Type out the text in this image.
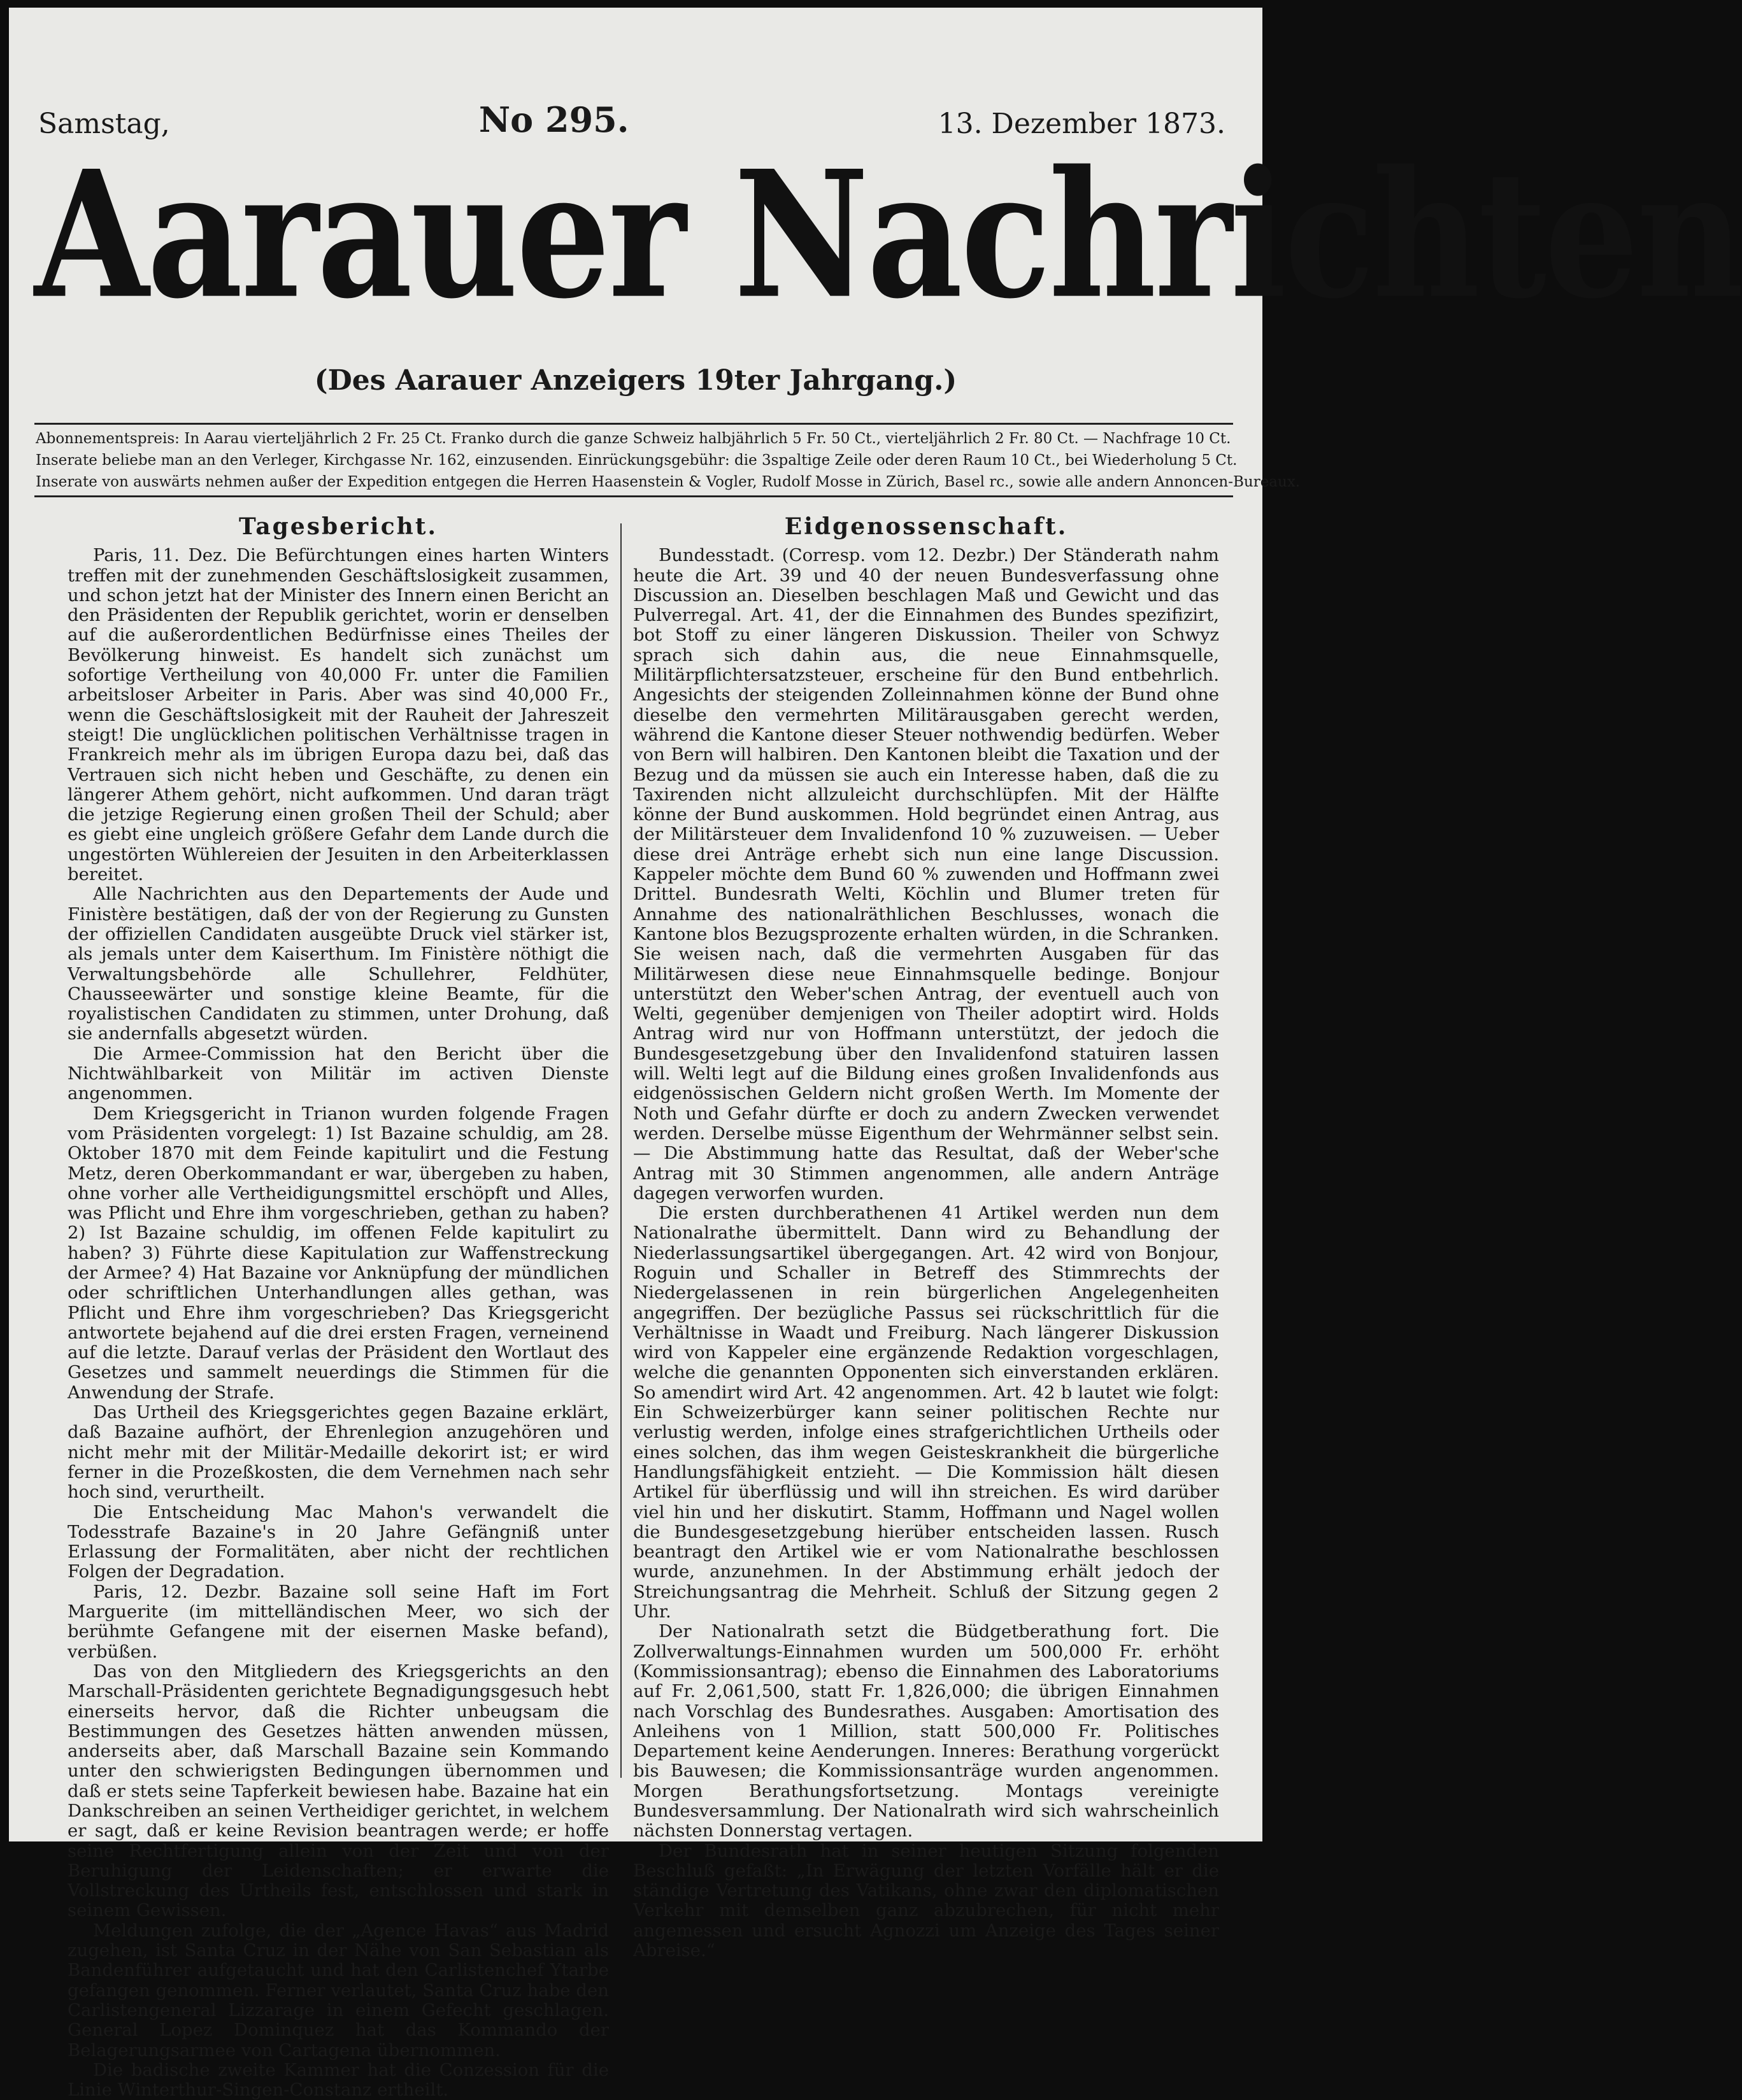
Samstag,	No 295.	13. Dezember 1873.
Aarauer Nachrichten
(Des Aarauer Anzeigers 19ter Jahrgang.)

Abonnementspreis: In Aarau vierteljährlich 2 Fr. 25 Ct. Franko durch die ganze Schweiz halbjährlich 5 Fr. 50 Ct., vierteljährlich 2 Fr. 80 Ct. — Nachfrage 10 Ct.

Inserate beliebe man an den Verleger, Kirchgasse Nr. 162, einzusenden. Einrückungsgebühr: die 3spaltige Zeile oder deren Raum 10 Ct., bei Wiederholung 5 Ct.

Inserate von auswärts nehmen außer der Expedition entgegen die Herren Haasenstein & Vogler, Rudolf Mosse in Zürich, Basel rc., sowie alle andern Annoncen-Bureaux.

Tagesbericht.

Paris, 11. Dez. Die Befürchtungen eines harten Winters treffen mit der zunehmenden Geschäftslosigkeit zusammen, und schon jetzt hat der Minister des Innern einen Bericht an den Präsidenten der Republik gerichtet, worin er denselben auf die außerordentlichen Bedürfnisse eines Theiles der Bevölkerung hinweist. Es handelt sich zunächst um sofortige Vertheilung von 40,000 Fr. unter die Familien arbeitsloser Arbeiter in Paris. Aber was sind 40,000 Fr., wenn die Geschäftslosigkeit mit der Rauheit der Jahreszeit steigt! Die unglücklichen politischen Verhältnisse tragen in Frankreich mehr als im übrigen Europa dazu bei, daß das Vertrauen sich nicht heben und Geschäfte, zu denen ein längerer Athem gehört, nicht aufkommen. Und daran trägt die jetzige Regierung einen großen Theil der Schuld; aber es giebt eine ungleich größere Gefahr dem Lande durch die ungestörten Wühlereien der Jesuiten in den Arbeiterklassen bereitet.

Alle Nachrichten aus den Departements der Aude und Finistère bestätigen, daß der von der Regierung zu Gunsten der offiziellen Candidaten ausgeübte Druck viel stärker ist, als jemals unter dem Kaiserthum. Im Finistère nöthigt die Verwaltungsbehörde alle Schullehrer, Feldhüter, Chausseewärter und sonstige kleine Beamte, für die royalistischen Candidaten zu stimmen, unter Drohung, daß sie andernfalls abgesetzt würden.

Die Armee-Commission hat den Bericht über die Nichtwählbarkeit von Militär im activen Dienste angenommen.

Dem Kriegsgericht in Trianon wurden folgende Fragen vom Präsidenten vorgelegt: 1) Ist Bazaine schuldig, am 28. Oktober 1870 mit dem Feinde kapitulirt und die Festung Metz, deren Oberkommandant er war, übergeben zu haben, ohne vorher alle Vertheidigungsmittel erschöpft und Alles, was Pflicht und Ehre ihm vorgeschrieben, gethan zu haben? 2) Ist Bazaine schuldig, im offenen Felde kapitulirt zu haben? 3) Führte diese Kapitulation zur Waffenstreckung der Armee? 4) Hat Bazaine vor Anknüpfung der mündlichen oder schriftlichen Unterhandlungen alles gethan, was Pflicht und Ehre ihm vorgeschrieben? Das Kriegsgericht antwortete bejahend auf die drei ersten Fragen, verneinend auf die letzte. Darauf verlas der Präsident den Wortlaut des Gesetzes und sammelt neuerdings die Stimmen für die Anwendung der Strafe.

Das Urtheil des Kriegsgerichtes gegen Bazaine erklärt, daß Bazaine aufhört, der Ehrenlegion anzugehören und nicht mehr mit der Militär-Medaille dekorirt ist; er wird ferner in die Prozeßkosten, die dem Vernehmen nach sehr hoch sind, verurtheilt.

Die Entscheidung Mac Mahon's verwandelt die Todesstrafe Bazaine's in 20 Jahre Gefängniß unter Erlassung der Formalitäten, aber nicht der rechtlichen Folgen der Degradation.

Paris, 12. Dezbr. Bazaine soll seine Haft im Fort Marguerite (im mittelländischen Meer, wo sich der berühmte Gefangene mit der eisernen Maske befand), verbüßen.

Das von den Mitgliedern des Kriegsgerichts an den Marschall-Präsidenten gerichtete Begnadigungsgesuch hebt einerseits hervor, daß die Richter unbeugsam die Bestimmungen des Gesetzes hätten anwenden müssen, anderseits aber, daß Marschall Bazaine sein Kommando unter den schwierigsten Bedingungen übernommen und daß er stets seine Tapferkeit bewiesen habe. Bazaine hat ein Dankschreiben an seinen Vertheidiger gerichtet, in welchem er sagt, daß er keine Revision beantragen werde; er hoffe seine Rechtfertigung allein von der Zeit und von der Beruhigung der Leidenschaften; er erwarte die Vollstreckung des Urtheils fest, entschlossen und stark in seinem Gewissen.

Meldungen zufolge, die der „Agence Havas“ aus Madrid zugehen, ist Santa Cruz in der Nähe von San Sebastian als Bandenführer aufgetaucht und hat den Carlistenchef Ytarbe gefangen genommen. Ferner verlautet, Santa Cruz habe den Carlistengeneral Lizzarage in einem Gefecht geschlagen. General Lopez Dominquez hat das Kommando der Belagerungsarmee von Cartagena übernommen.

Die badische zweite Kammer hat die Conzession für die Linie Winterthur-Singen-Constanz ertheilt.

Eidgenossenschaft.

Bundesstadt. (Corresp. vom 12. Dezbr.) Der Ständerath nahm heute die Art. 39 und 40 der neuen Bundesverfassung ohne Discussion an. Dieselben beschlagen Maß und Gewicht und das Pulverregal. Art. 41, der die Einnahmen des Bundes spezifizirt, bot Stoff zu einer längeren Diskussion. Theiler von Schwyz sprach sich dahin aus, die neue Einnahmsquelle, Militärpflichtersatzsteuer, erscheine für den Bund entbehrlich. Angesichts der steigenden Zolleinnahmen könne der Bund ohne dieselbe den vermehrten Militärausgaben gerecht werden, während die Kantone dieser Steuer nothwendig bedürfen. Weber von Bern will halbiren. Den Kantonen bleibt die Taxation und der Bezug und da müssen sie auch ein Interesse haben, daß die zu Taxirenden nicht allzuleicht durchschlüpfen. Mit der Hälfte könne der Bund auskommen. Hold begründet einen Antrag, aus der Militärsteuer dem Invalidenfond 10 % zuzuweisen. — Ueber diese drei Anträge erhebt sich nun eine lange Discussion. Kappeler möchte dem Bund 60 % zuwenden und Hoffmann zwei Drittel. Bundesrath Welti, Köchlin und Blumer treten für Annahme des nationalräthlichen Beschlusses, wonach die Kantone blos Bezugsprozente erhalten würden, in die Schranken. Sie weisen nach, daß die vermehrten Ausgaben für das Militärwesen diese neue Einnahmsquelle bedinge. Bonjour unterstützt den Weber'schen Antrag, der eventuell auch von Welti, gegenüber demjenigen von Theiler adoptirt wird. Holds Antrag wird nur von Hoffmann unterstützt, der jedoch die Bundesgesetzgebung über den Invalidenfond statuiren lassen will. Welti legt auf die Bildung eines großen Invalidenfonds aus eidgenössischen Geldern nicht großen Werth. Im Momente der Noth und Gefahr dürfte er doch zu andern Zwecken verwendet werden. Derselbe müsse Eigenthum der Wehrmänner selbst sein. — Die Abstimmung hatte das Resultat, daß der Weber'sche Antrag mit 30 Stimmen angenommen, alle andern Anträge dagegen verworfen wurden.

Die ersten durchberathenen 41 Artikel werden nun dem Nationalrathe übermittelt. Dann wird zu Behandlung der Niederlassungsartikel übergegangen. Art. 42 wird von Bonjour, Roguin und Schaller in Betreff des Stimmrechts der Niedergelassenen in rein bürgerlichen Angelegenheiten angegriffen. Der bezügliche Passus sei rückschrittlich für die Verhältnisse in Waadt und Freiburg. Nach längerer Diskussion wird von Kappeler eine ergänzende Redaktion vorgeschlagen, welche die genannten Opponenten sich einverstanden erklären. So amendirt wird Art. 42 angenommen. Art. 42 b lautet wie folgt: Ein Schweizerbürger kann seiner politischen Rechte nur verlustig werden, infolge eines strafgerichtlichen Urtheils oder eines solchen, das ihm wegen Geisteskrankheit die bürgerliche Handlungsfähigkeit entzieht. — Die Kommission hält diesen Artikel für überflüssig und will ihn streichen. Es wird darüber viel hin und her diskutirt. Stamm, Hoffmann und Nagel wollen die Bundesgesetzgebung hierüber entscheiden lassen. Rusch beantragt den Artikel wie er vom Nationalrathe beschlossen wurde, anzunehmen. In der Abstimmung erhält jedoch der Streichungsantrag die Mehrheit. Schluß der Sitzung gegen 2 Uhr.

Der Nationalrath setzt die Büdgetberathung fort. Die Zollverwaltungs-Einnahmen wurden um 500,000 Fr. erhöht (Kommissionsantrag); ebenso die Einnahmen des Laboratoriums auf Fr. 2,061,500, statt Fr. 1,826,000; die übrigen Einnahmen nach Vorschlag des Bundesrathes. Ausgaben: Amortisation des Anleihens von 1 Million, statt 500,000 Fr. Politisches Departement keine Aenderungen. Inneres: Berathung vorgerückt bis Bauwesen; die Kommissionsanträge wurden angenommen. Morgen Berathungsfortsetzung. Montags vereinigte Bundesversammlung. Der Nationalrath wird sich wahrscheinlich nächsten Donnerstag vertagen.

Der Bundesrath hat in seiner heutigen Sitzung folgenden Beschluß gefaßt: „In Erwägung der letzten Vorfälle hält er die ständige Vertretung des Vatikans, ohne zwar den diplomatischen Verkehr mit demselben ganz abzubrechen, für nicht mehr angemessen und ersucht Agnozzi um Anzeige des Tages seiner Abreise.“
